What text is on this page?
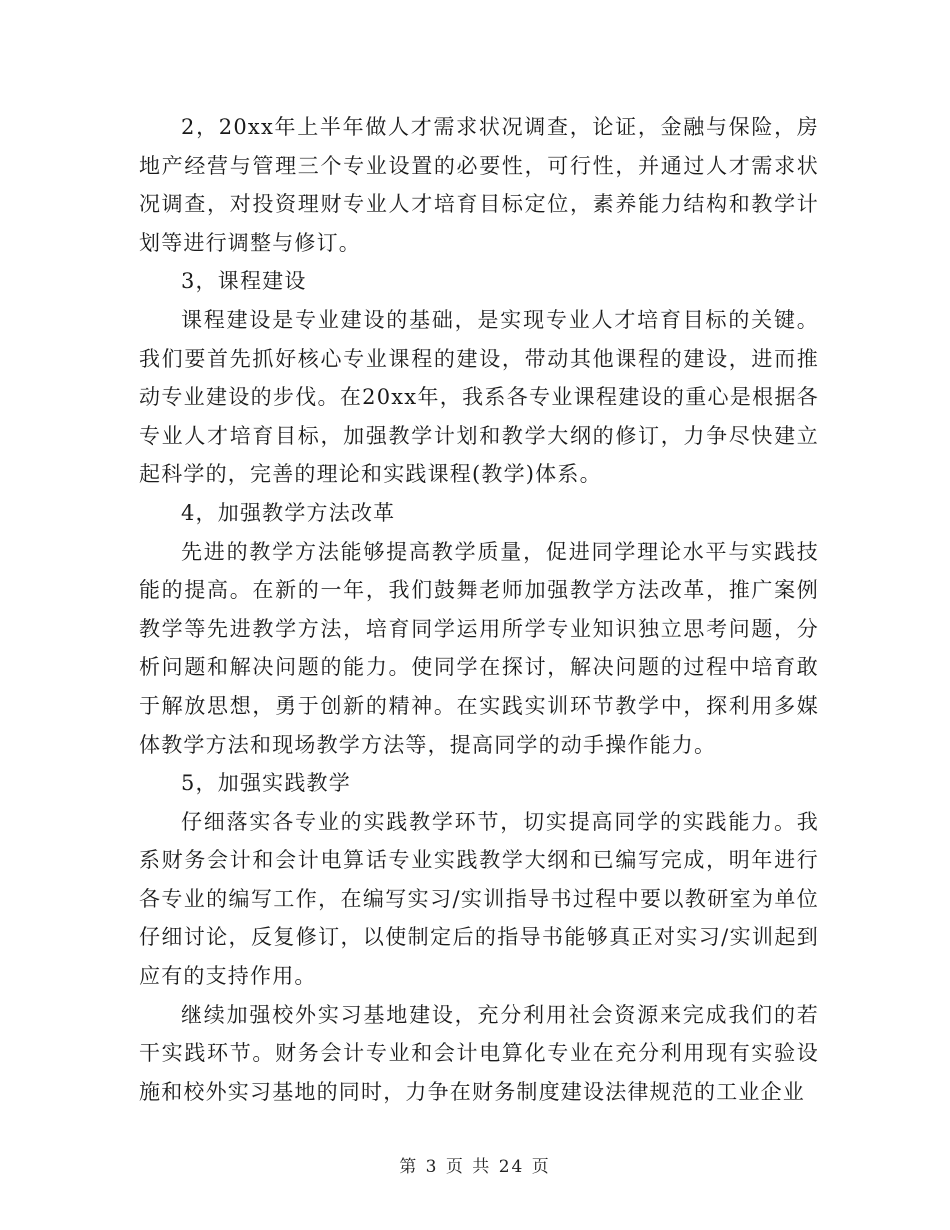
2，20xx年上半年做人才需求状况调查，论证，金融与保险，房地产经营与管理三个专业设置的必要性，可行性，并通过人才需求状况调查，对投资理财专业人才培育目标定位，素养能力结构和教学计划等进行调整与修订。

3，课程建设

课程建设是专业建设的基础，是实现专业人才培育目标的关键。我们要首先抓好核心专业课程的建设，带动其他课程的建设，进而推动专业建设的步伐。在20xx年，我系各专业课程建设的重心是根据各专业人才培育目标，加强教学计划和教学大纲的修订，力争尽快建立起科学的，完善的理论和实践课程(教学)体系。

4，加强教学方法改革

先进的教学方法能够提高教学质量，促进同学理论水平与实践技能的提高。在新的一年，我们鼓舞老师加强教学方法改革，推广案例教学等先进教学方法，培育同学运用所学专业知识独立思考问题，分析问题和解决问题的能力。使同学在探讨，解决问题的过程中培育敢于解放思想，勇于创新的精神。在实践实训环节教学中，探利用多媒体教学方法和现场教学方法等，提高同学的动手操作能力。

5，加强实践教学

仔细落实各专业的实践教学环节，切实提高同学的实践能力。我系财务会计和会计电算话专业实践教学大纲和已编写完成，明年进行各专业的编写工作，在编写实习/实训指导书过程中要以教研室为单位仔细讨论，反复修订，以使制定后的指导书能够真正对实习/实训起到应有的支持作用。

继续加强校外实习基地建设，充分利用社会资源来完成我们的若干实践环节。财务会计专业和会计电算化专业在充分利用现有实验设施和校外实习基地的同时，力争在财务制度建设法律规范的工业企业

第 3 页 共 24 页
